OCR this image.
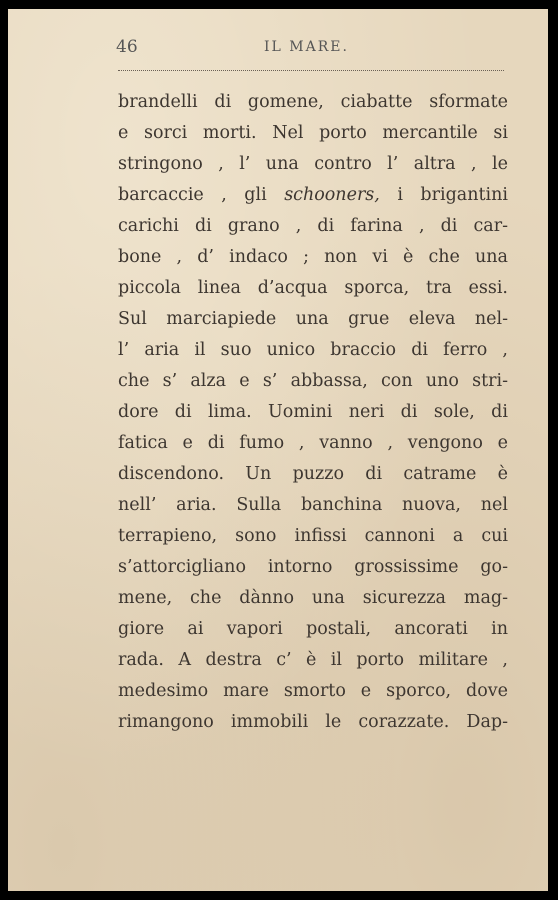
46	IL MARE.
brandelli di gomene, ciabatte sformate
e sorci morti. Nel porto mercantile si
stringono , l’ una contro l’ altra , le
barcaccie , gli schooners, i brigantini
carichi di grano , di farina , di car-
bone , d’ indaco ; non vi è che una
piccola linea d’acqua sporca, tra essi.
Sul marciapiede una grue eleva nel-
l’ aria il suo unico braccio di ferro ,
che s’ alza e s’ abbassa, con uno stri-
dore di lima. Uomini neri di sole, di
fatica e di fumo , vanno , vengono e
discendono. Un puzzo di catrame è
nell’ aria. Sulla banchina nuova, nel
terrapieno, sono infissi cannoni a cui
s’attorcigliano intorno grossissime go-
mene, che dànno una sicurezza mag-
giore ai vapori postali, ancorati in
rada. A destra c’ è il porto militare ,
medesimo mare smorto e sporco, dove
rimangono immobili le corazzate. Dap-
